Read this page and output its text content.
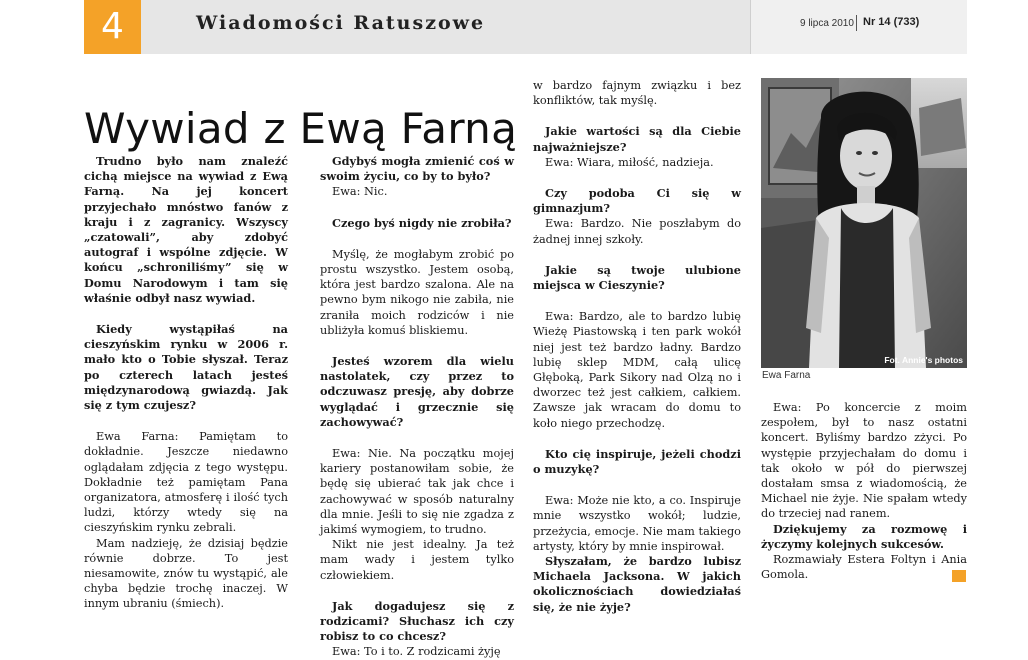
4	Wiadomości Ratuszowe	9 lipca 2010 Nr 14 (733)
Wywiad z Ewą Farną

Trudno było nam znaleźć cichą miejsce na wywiad z Ewą Farną. Na jej koncert przyjechało mnóstwo fanów z kraju i z zagranicy. Wszyscy „czatowali”, aby zdobyć autograf i wspólne zdjęcie. W końcu „schroniliśmy” się w Domu Narodowym i tam się właśnie odbył nasz wywiad.

Kiedy wystąpiłaś na cieszyńskim rynku w 2006 r. mało kto o Tobie słyszał. Teraz po czterech latach jesteś międzynarodową gwiazdą. Jak się z tym czujesz?

Ewa Farna: Pamiętam to dokładnie. Jeszcze niedawno oglądałam zdjęcia z tego występu. Dokładnie też pamiętam Pana organizatora, atmosferę i ilość tych ludzi, którzy wtedy się na cieszyńskim rynku zebrali.

Mam nadzieję, że dzisiaj będzie równie dobrze. To jest niesamowite, znów tu wystąpić, ale chyba będzie trochę inaczej. W innym ubraniu (śmiech).

Gdybyś mogła zmienić coś w swoim życiu, co by to było?

Ewa: Nic.

Czego byś nigdy nie zrobiła?

Myślę, że mogłabym zrobić po prostu wszystko. Jestem osobą, która jest bardzo szalona. Ale na pewno bym nikogo nie zabiła, nie zraniła moich rodziców i nie ubliżyła komuś bliskiemu.

Jesteś wzorem dla wielu nastolatek, czy przez to odczuwasz presję, aby dobrze wyglądać i grzecznie się zachowywać?

Ewa: Nie. Na początku mojej kariery postanowiłam sobie, że będę się ubierać tak jak chce i zachowywać w sposób naturalny dla mnie. Jeśli to się nie zgadza z jakimś wymogiem, to trudno.

Nikt nie jest idealny. Ja też mam wady i jestem tylko człowiekiem.

Jak dogadujesz się z rodzicami? Słuchasz ich czy robisz to co chcesz?

Ewa: To i to. Z rodzicami żyję

w bardzo fajnym związku i bez konfliktów, tak myślę.

Jakie wartości są dla Ciebie najważniejsze?

Ewa: Wiara, miłość, nadzieja.

Czy podoba Ci się w gimnazjum?

Ewa: Bardzo. Nie poszłabym do żadnej innej szkoły.

Jakie są twoje ulubione miejsca w Cieszynie?

Ewa: Bardzo, ale to bardzo lubię Wieżę Piastowską i ten park wokół niej jest też bardzo ładny. Bardzo lubię sklep MDM, całą ulicę Głęboką, Park Sikory nad Olzą no i dworzec też jest całkiem, całkiem. Zawsze jak wracam do domu to koło niego przechodzę.

Kto cię inspiruje, jeżeli chodzi o muzykę?

Ewa: Może nie kto, a co. Inspiruje mnie wszystko wokół; ludzie, przeżycia, emocje. Nie mam takiego artysty, który by mnie inspirował.

Słyszałam, że bardzo lubisz Michaela Jacksona. W jakich okolicznościach dowiedziałaś się, że nie żyje?

Fot. Annie's photos
Ewa Farna

Ewa: Po koncercie z moim zespołem, był to nasz ostatni koncert. Byliśmy bardzo zżyci. Po występie przyjechałam do domu i tak około w pół do pierwszej dostałam smsa z wiadomością, że Michael nie żyje. Nie spałam wtedy do trzeciej nad ranem.

Dziękujemy za rozmowę i życzymy kolejnych sukcesów.

Rozmawiały Estera Foltyn i Ania Gomola.
